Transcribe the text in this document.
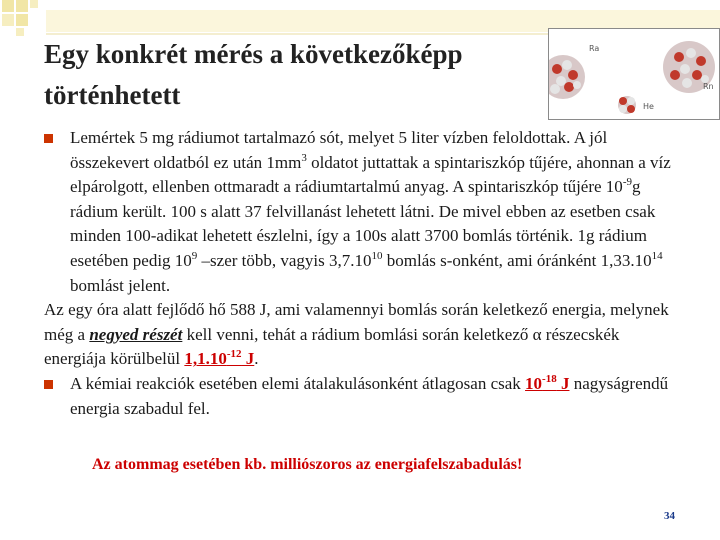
Egy konkrét mérés a következőképp történhetett
Ra
Rn
He
Lemértek 5 mg rádiumot tartalmazó sót, melyet 5 liter vízben feloldottak. A jól összekevert oldatból ez után $1mm^3$ oldatot juttattak a spintariszkóp tűjére, ahonnan a víz elpárolgott, ellenben ottmaradt a rádiumtartalmú anyag. A spintariszkóp tűjére $10^{-9}g$ rádium került. 100 s alatt 37 felvillanást lehetett látni. De mivel ebben az esetben csak minden 100-adikat lehetett észlelni, így a 100s alatt 3700 bomlás történik. 1g rádium esetében pedig $10^9$ –szer több, vagyis 3,7.10$^{10}$ bomlás s-onként, ami óránként 1,33.10$^{14}$ bomlást jelent.
Az egy óra alatt fejlődő hő 588 J, ami valamennyi bomlás során keletkező energia, melynek még a negyed részét kell venni, tehát a rádium bomlási során keletkező α részecskék energiája körülbelül $1,1.10^{-12}$ J.
A kémiai reakciók esetében elemi átalakulásonként átlagosan csak $10^{-18}$ J nagyságrendű energia szabadul fel.
Az atommag esetében kb. milliószoros az energiafelszabadulás!
34
